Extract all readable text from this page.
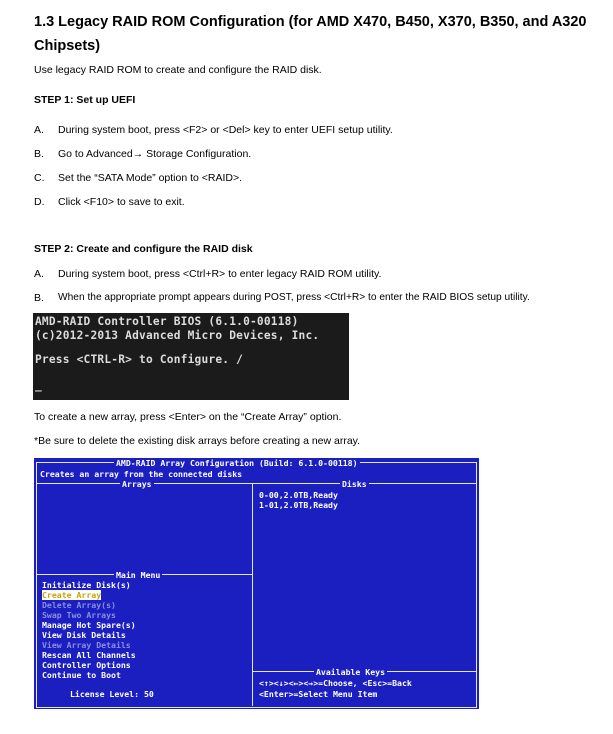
1.3 Legacy RAID ROM Configuration (for AMD X470, B450, X370, B350, and A320
Chipsets)
Use legacy RAID ROM to create and configure the RAID disk.
STEP 1: Set up UEFI
A. During system boot, press <F2> or <Del> key to enter UEFI setup utility.
B. Go to Advanced→ Storage Configuration.
C. Set the “SATA Mode” option to <RAID>.
D. Click <F10> to save to exit.
STEP 2: Create and configure the RAID disk
A. During system boot, press <Ctrl+R> to enter legacy RAID ROM utility.
B. When the appropriate prompt appears during POST, press <Ctrl+R> to enter the RAID BIOS setup utility.
AMD-RAID Controller BIOS (6.1.0-00118)
(c)2012-2013 Advanced Micro Devices, Inc.
Press <CTRL-R> to Configure. /
_
To create a new array, press <Enter> on the “Create Array” option.
*Be sure to delete the existing disk arrays before creating a new array.
AMD-RAID Array Configuration (Build: 6.1.0-00118)
Creates an array from the connected disks
Arrays	Disks
0-00,2.0TB,Ready
1-01,2.0TB,Ready
Main Menu
Initialize Disk(s)
Create Array
Delete Array(s)
Swap Two Arrays
Manage Hot Spare(s)
View Disk Details
View Array Details
Rescan All Channels
Controller Options
Continue to Boot
License Level: 50
Available Keys
<↑><↓><←><→>=Choose, <Esc>=Back
<Enter>=Select Menu Item
